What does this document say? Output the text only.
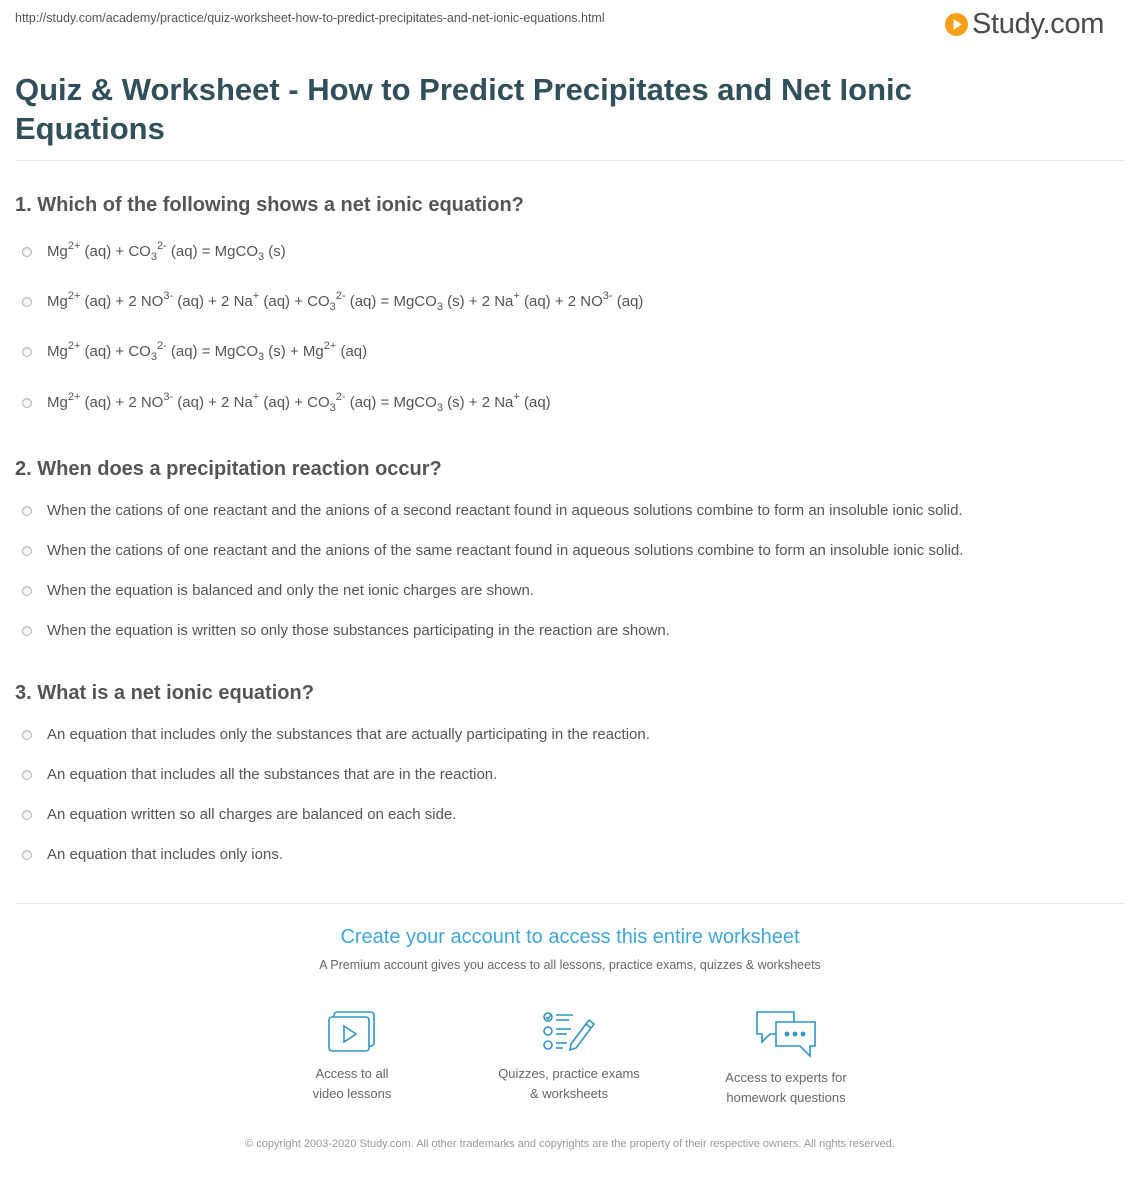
http://study.com/academy/practice/quiz-worksheet-how-to-predict-precipitates-and-net-ionic-equations.html	Study.com
Quiz & Worksheet - How to Predict Precipitates and Net Ionic Equations
1. Which of the following shows a net ionic equation?
$Mg^{2+}$ $(aq) + CO_3^{2-}$ (aq) = MgCO$_3$ (s)
$Mg^{2+}$ (aq) + 2 $NO^{3-}$ (aq) + 2 Na+ $(aq) + CO_3^{2-}$ (aq) = MgCO$_3$ (s) + 2 Na+ (aq) + 2 $NO^{3-}$ (aq)
$Mg^{2+}$ $(aq) + CO_3^{2-}$ (aq) = MgCO$_3$ $(s) + Mg^{2+}$ (aq)
$Mg^{2+}$ (aq) + 2 $NO^{3-}$ (aq) + 2 Na+ $(aq) + CO_3^{2-}$ (aq) = MgCO$_3$ (s) + 2 Na+ (aq)
2. When does a precipitation reaction occur?
When the cations of one reactant and the anions of a second reactant found in aqueous solutions combine to form an insoluble ionic solid.
When the cations of one reactant and the anions of the same reactant found in aqueous solutions combine to form an insoluble ionic solid.
When the equation is balanced and only the net ionic charges are shown.
When the equation is written so only those substances participating in the reaction are shown.
3. What is a net ionic equation?
An equation that includes only the substances that are actually participating in the reaction.
An equation that includes all the substances that are in the reaction.
An equation written so all charges are balanced on each side.
An equation that includes only ions.
Create your account to access this entire worksheet
A Premium account gives you access to all lessons, practice exams, quizzes & worksheets
Access to all
video lessons
Quizzes, practice exams
& worksheets
Access to experts for
homework questions
© copyright 2003-2020 Study.com. All other trademarks and copyrights are the property of their respective owners. All rights reserved.
